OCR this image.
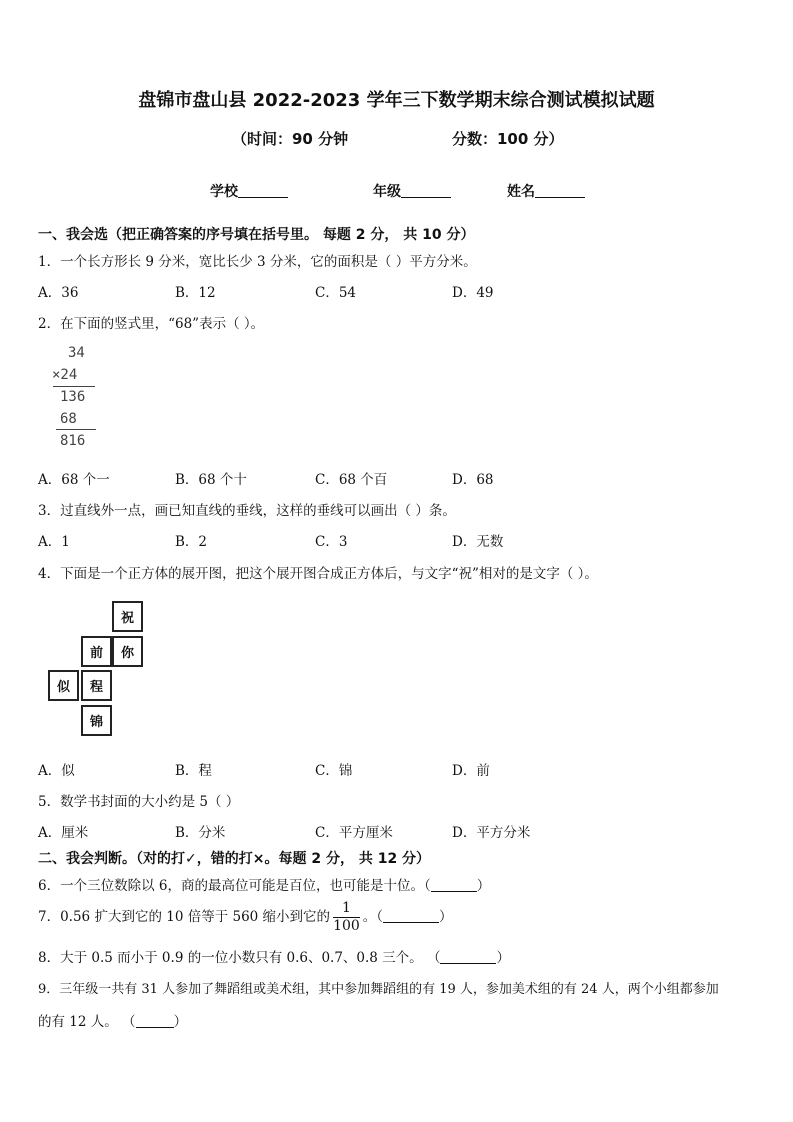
盘锦市盘山县 2022-2023 学年三下数学期末综合测试模拟试题
（时间：90 分钟	分数：100 分）
学校	年级	姓名
一、我会选（把正确答案的序号填在括号里。 每题 2 分， 共 10 分）
1．一个长方形长 9 分米，宽比长少 3 分米，它的面积是（ ）平方分米。
A．36	B．12	C．54	D．49
2．在下面的竖式里，“68”表示（ ）。
34
×24
136
68
816
A．68 个一	B．68 个十	C．68 个百	D．68
3．过直线外一点，画已知直线的垂线，这样的垂线可以画出（ ）条。
A．1	B．2	C．3	D．无数
4．下面是一个正方体的展开图，把这个展开图合成正方体后，与文字“祝”相对的是文字（ ）。
祝
前	你
似	程
锦
A．似	B．程	C．锦	D．前
5．数学书封面的大小约是 5（ ）
A．厘米	B．分米	C．平方厘米	D．平方分米
二、我会判断。（对的打✓，错的打×。每题 2 分， 共 12 分）
6．一个三位数除以 6，商的最高位可能是百位，也可能是十位。（	）
7．0.56 扩大到它的 10 倍等于 560 缩小到它的 $\frac{1}{100}$ 。（	）
8．大于 0.5 而小于 0.9 的一位小数只有 0.6、0.7、0.8 三个。 （	）
9．三年级一共有 31 人参加了舞蹈组或美术组，其中参加舞蹈组的有 19 人，参加美术组的有 24 人，两个小组都参加
的有 12 人。 （	）
